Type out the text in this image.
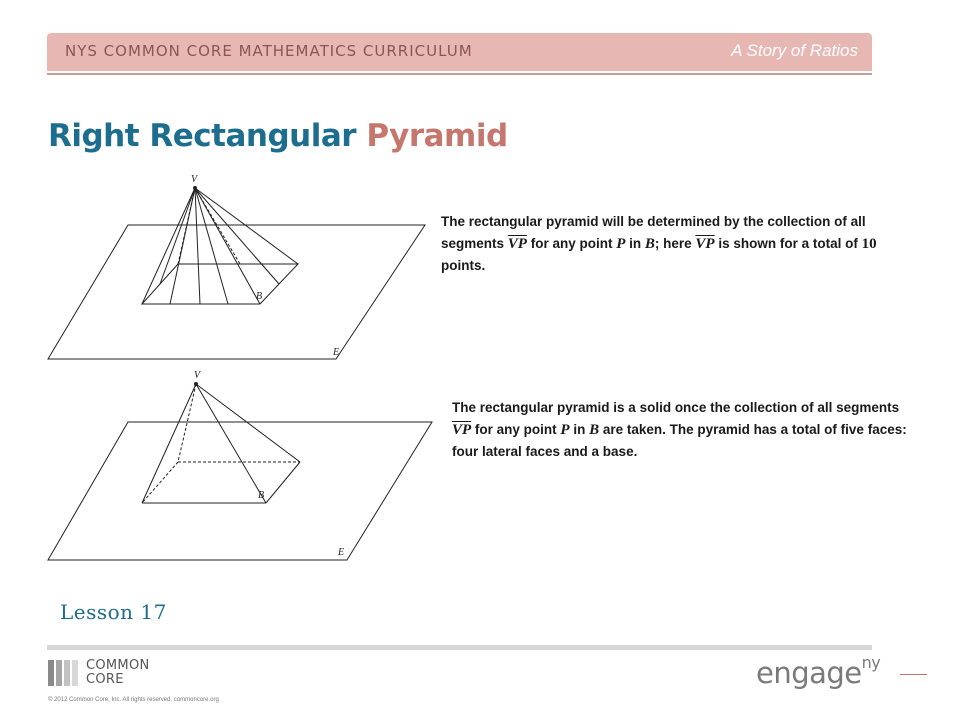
NYS COMMON CORE MATHEMATICS CURRICULUM	A Story of Ratios
Right Rectangular Pyramid
V
B
E
V
B
E
The rectangular pyramid will be determined by the collection of all segments $\overline{VP}$ for any point P in B; here $\overline{VP}$ is shown for a total of 10 points.
The rectangular pyramid is a solid once the collection of all segments $\overline{VP}$ for any point P in B are taken. The pyramid has a total of five faces: four lateral faces and a base.
Lesson 17
COMMON
CORE
© 2012 Common Core, Inc. All rights reserved. commoncore.org
engage$^{ny}$
